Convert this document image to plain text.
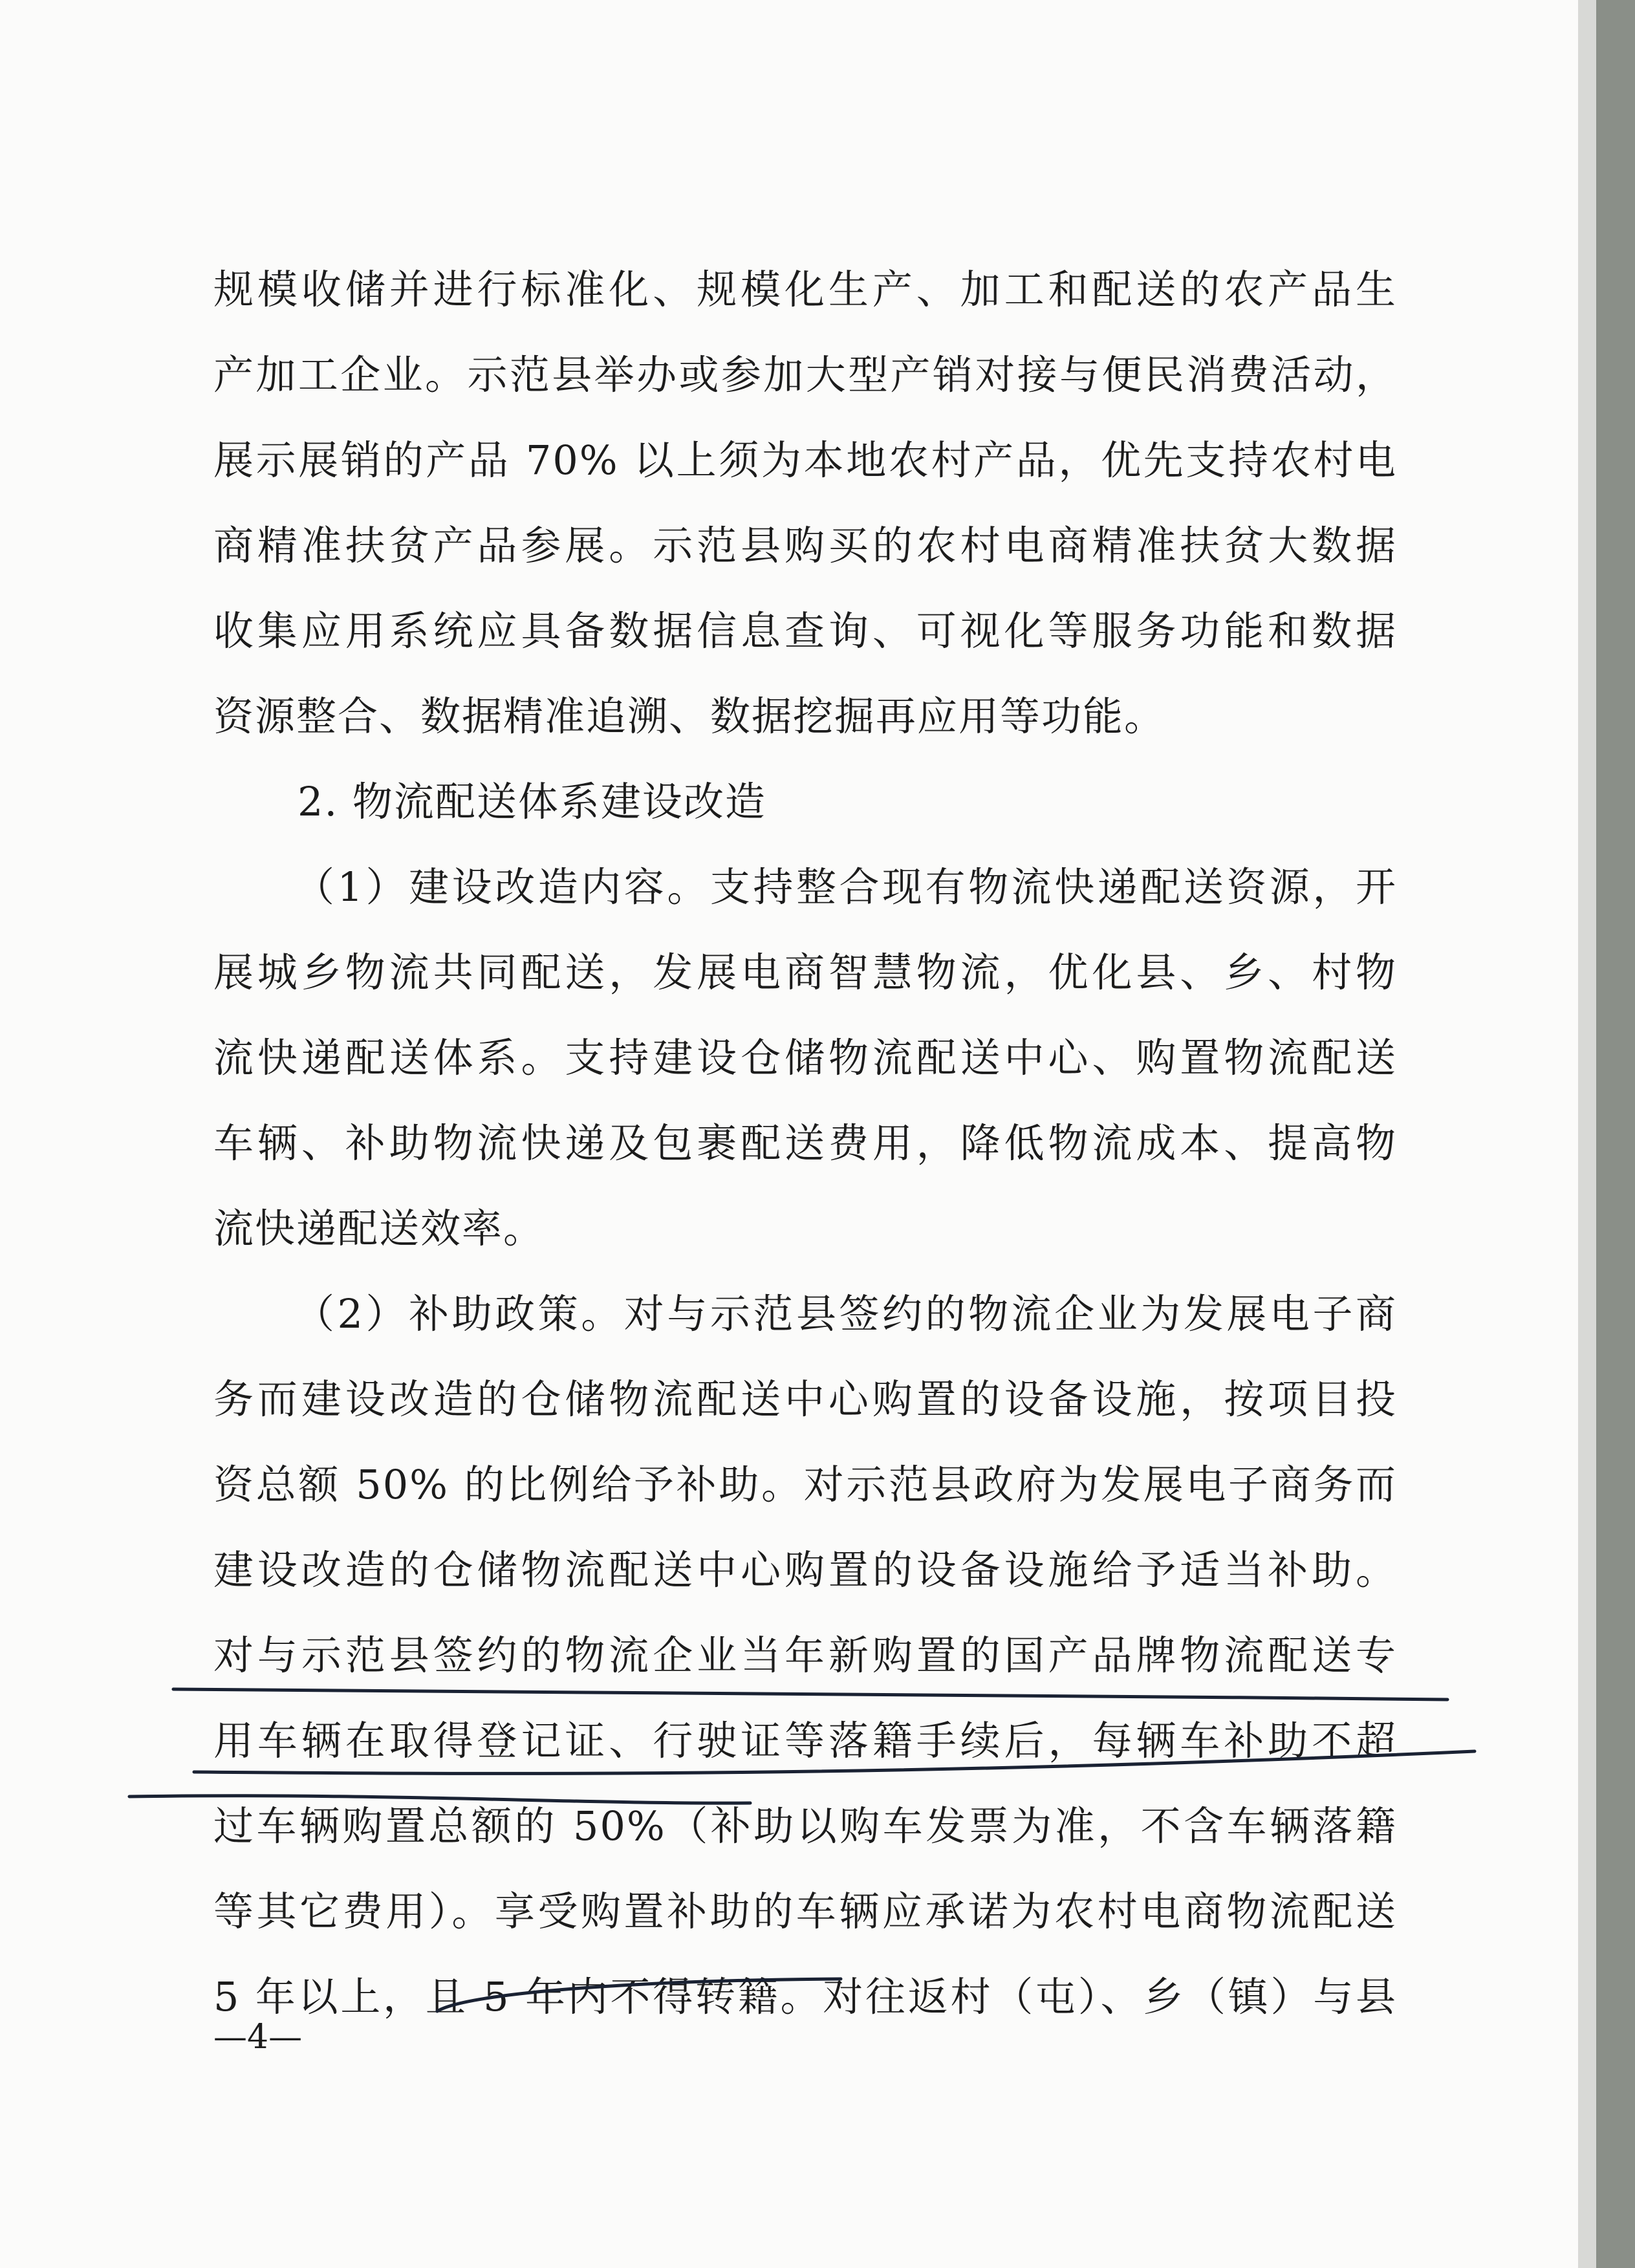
规模收储并进行标准化、规模化生产、加工和配送的农产品生
产加工企业。示范县举办或参加大型产销对接与便民消费活动，
展示展销的产品 70% 以上须为本地农村产品，优先支持农村电
商精准扶贫产品参展。示范县购买的农村电商精准扶贫大数据
收集应用系统应具备数据信息查询、可视化等服务功能和数据
资源整合、数据精准追溯、数据挖掘再应用等功能。
2. 物流配送体系建设改造
（1）建设改造内容。支持整合现有物流快递配送资源，开
展城乡物流共同配送，发展电商智慧物流，优化县、乡、村物
流快递配送体系。支持建设仓储物流配送中心、购置物流配送
车辆、补助物流快递及包裹配送费用，降低物流成本、提高物
流快递配送效率。
（2）补助政策。对与示范县签约的物流企业为发展电子商
务而建设改造的仓储物流配送中心购置的设备设施，按项目投
资总额 50% 的比例给予补助。对示范县政府为发展电子商务而
建设改造的仓储物流配送中心购置的设备设施给予适当补助。
对与示范县签约的物流企业当年新购置的国产品牌物流配送专
用车辆在取得登记证、行驶证等落籍手续后，每辆车补助不超
过车辆购置总额的 50%（补助以购车发票为准，不含车辆落籍
等其它费用）。享受购置补助的车辆应承诺为农村电商物流配送
5 年以上，且 5 年内不得转籍。对往返村（屯）、乡（镇）与县
—4—
